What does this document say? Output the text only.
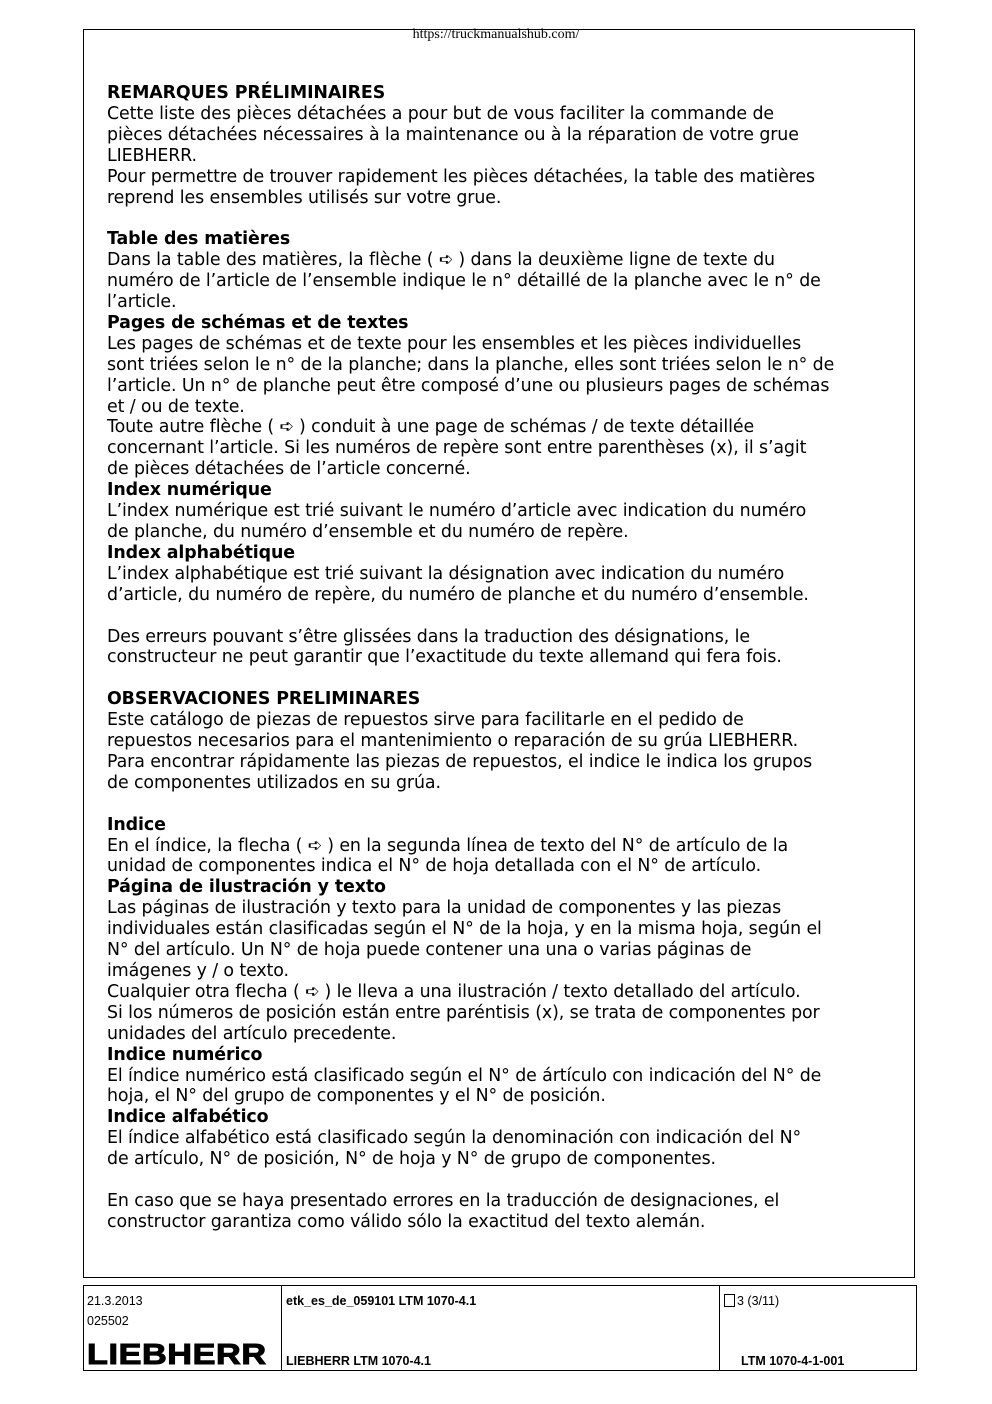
https://truckmanualshub.com/

REMARQUES PRÉLIMINAIRES

Cette liste des pièces détachées a pour but de vous faciliter la commande de

pièces détachées nécessaires à la maintenance ou à la réparation de votre grue

LIEBHERR.

Pour permettre de trouver rapidement les pièces détachées, la table des matières

reprend les ensembles utilisés sur votre grue.

Table des matières

Dans la table des matières, la flèche ( ➪ ) dans la deuxième ligne de texte du

numéro de l’article de l’ensemble indique le n° détaillé de la planche avec le n° de

l’article.

Pages de schémas et de textes

Les pages de schémas et de texte pour les ensembles et les pièces individuelles

sont triées selon le n° de la planche; dans la planche, elles sont triées selon le n° de

l’article. Un n° de planche peut être composé d’une ou plusieurs pages de schémas

et / ou de texte.

Toute autre flèche ( ➪ ) conduit à une page de schémas / de texte détaillée

concernant l’article. Si les numéros de repère sont entre parenthèses (x), il s’agit

de pièces détachées de l’article concerné.

Index numérique

L’index numérique est trié suivant le numéro d’article avec indication du numéro

de planche, du numéro d’ensemble et du numéro de repère.

Index alphabétique

L’index alphabétique est trié suivant la désignation avec indication du numéro

d’article, du numéro de repère, du numéro de planche et du numéro d’ensemble.

Des erreurs pouvant s’être glissées dans la traduction des désignations, le

constructeur ne peut garantir que l’exactitude du texte allemand qui fera fois.

OBSERVACIONES PRELIMINARES

Este catálogo de piezas de repuestos sirve para facilitarle en el pedido de

repuestos necesarios para el mantenimiento o reparación de su grúa LIEBHERR.

Para encontrar rápidamente las piezas de repuestos, el indice le indica los grupos

de componentes utilizados en su grúa.

Indice

En el índice, la flecha ( ➪ ) en la segunda línea de texto del N° de artículo de la

unidad de componentes indica el N° de hoja detallada con el N° de artículo.

Página de ilustración y texto

Las páginas de ilustración y texto para la unidad de componentes y las piezas

individuales están clasificadas según el N° de la hoja, y en la misma hoja, según el

N° del artículo. Un N° de hoja puede contener una una o varias páginas de

imágenes y / o texto.

Cualquier otra flecha ( ➪ ) le lleva a una ilustración / texto detallado del artículo.

Si los números de posición están entre paréntisis (x), se trata de componentes por

unidades del artículo precedente.

Indice numérico

El índice numérico está clasificado según el N° de ártículo con indicación del N° de

hoja, el N° del grupo de componentes y el N° de posición.

Indice alfabético

El índice alfabético está clasificado según la denominación con indicación del N°

de artículo, N° de posición, N° de hoja y N° de grupo de componentes.

En caso que se haya presentado errores en la traducción de designaciones, el

constructor garantiza como válido sólo la exactitud del texto alemán.

21.3.2013
025502
LIEBHERR
etk_es_de_059101 LTM 1070-4.1
LIEBHERR LTM 1070-4.1
3 (3/11)
LTM 1070-4-1-001
